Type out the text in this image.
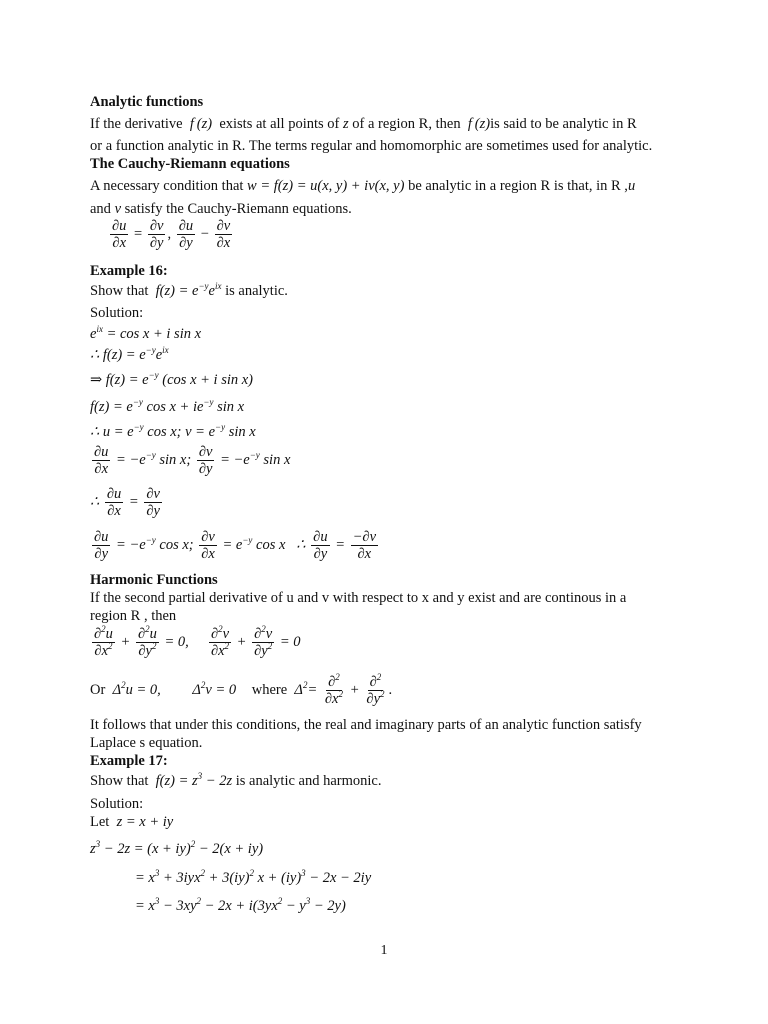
Analytic functions
If the derivative  f (z)  exists at all points of z of a region R, then  f (z)is said to be analytic in R
or a function analytic in R. The terms regular and homomorphic are sometimes used for analytic.
The Cauchy-Riemann equations
A necessary condition that w = f(z) = u(x, y) + iv(x, y) be analytic in a region R is that, in R ,u
and v satisfy the Cauchy-Riemann equations.
$\frac{\partial u}{\partial x} = \frac{\partial v}{\partial y}$ , $\frac{\partial u}{\partial y} - \frac{\partial v}{\partial x}$
Example 16:
Show that  $f(z) = e^{-y}e^{ix}$ is analytic.
Solution:
$e^{ix} = \cos x + i$ sin x
∴ $f(z) = e^{-y}e^{ix}$
⇒ $f(z) = e^{-y}$ (cos x + i sin x)
$f(z) = e^{-y}$ $\cos x + ie^{-y}$ sin x
∴ $u = e^{-y}$ cos x; $v = e^{-y}$ sin x
$\frac{\partial u}{\partial x} = -e^{-y}$ sin x; $\frac{\partial v}{\partial y} = -e^{-y}$ sin x
∴ $\frac{\partial u}{\partial x} = \frac{\partial v}{\partial y}$
$\frac{\partial u}{\partial y} = -e^{-y}$ cos x; $\frac{\partial v}{\partial x} = e^{-y}$ cos x   ∴ $\frac{\partial u}{\partial y} = \frac{-\partial v}{\partial x}$
Harmonic Functions
If the second partial derivative of u and v with respect to x and y exist and are continous in a
region R , then
$\frac{\partial^2u}{\partial x^2} + \frac{\partial^2u}{\partial y^2} = 0$, $\frac{\partial^2v}{\partial x^2} + \frac{\partial^2v}{\partial y^2} = 0$
Or  $\Delta^2u = 0$, $\Delta^2v = 0$ where  $\Delta^2= \frac{\partial^2}{\partial x^2} + \frac{\partial^2}{\partial y^2}$ .
It follows that under this conditions, the real and imaginary parts of an analytic function satisfy
Laplace s equation.
Example 17:
Show that  $f(z) = z^3 - 2z$ is analytic and harmonic.
Solution:
Let  z = x + iy
$z^3 - 2z = (x + iy)^2 - 2(x + iy)$
= $x^3 + 3iyx^2 + 3(iy)^2$ x + (iy)$^3$ − 2x − 2iy
= $x^3 - 3xy^2 - 2x + i(3yx^2 - y^3 - 2y)$
1
